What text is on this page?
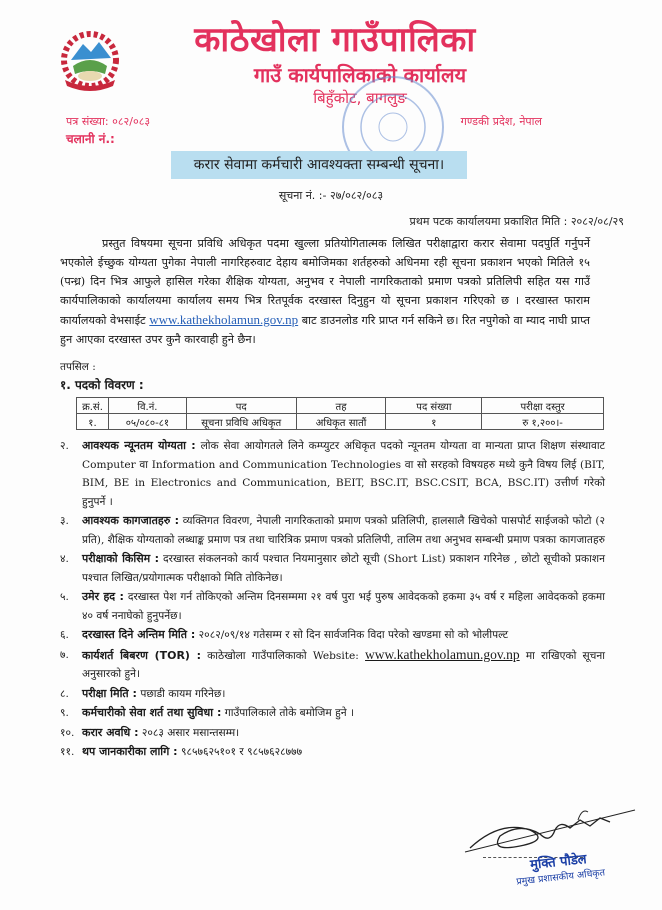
काठेखोला गाउँपालिका
गाउँ कार्यपालिकाको कार्यालय
बिहुँकोट, बागलुङ
पत्र संख्या: ०८२/०८३	गण्डकी प्रदेश, नेपाल
चलानी नं.:
करार सेवामा कर्मचारी आवश्यक्ता सम्बन्धी सूचना।
सूचना नं. :- २७/०८२/०८३
प्रथम पटक कार्यालयमा प्रकाशित मिति : २०८२/०८/२९

प्रस्तुत विषयमा सूचना प्रविधि अधिकृत पदमा खुल्ला प्रतियोगितात्मक लिखित परीक्षाद्वारा करार सेवामा पदपुर्ति गर्नुपर्ने भएकोले ईच्छुक योग्यता पुगेका नेपाली नागरिहरुवाट देहाय बमोजिमका शर्तहरुको अधिनमा रही सूचना प्रकाशन भएको मितिले १५ (पन्ध्र) दिन भित्र आफुले हासिल गरेका शैक्षिक योग्यता, अनुभव र नेपाली नागरिकताको प्रमाण पत्रको प्रतिलिपी सहित यस गाउँ कार्यपालिकाको कार्यालयमा कार्यालय समय भित्र रितपूर्वक दरखास्त दिनुहुन यो सूचना प्रकाशन गरिएको छ । दरखास्त फाराम कार्यालयको वेभसाईट www.kathekholamun.gov.np बाट डाउनलोड गरि प्राप्त गर्न सकिने छ। रित नपुगेको वा म्याद नाघी प्राप्त हुन आएका दरखास्त उपर कुनै कारवाही हुने छैन।

तपसिल :
१. पदको विवरण :
क्र.सं.	वि.नं.	पद	तह	पद संख्या	परीक्षा दस्तुर
१.	०५/०८०-८१	सूचना प्रविधि अधिकृत	अधिकृत सातौं	१	रु १,२००।-
२.	आवश्यक न्यूनतम योग्यता : लोक सेवा आयोगतले लिने कम्प्युटर अधिकृत पदको न्यूनतम योग्यता वा मान्यता प्राप्त शिक्षण संस्थावाट Computer वा Information and Communication Technologies वा सो सरहको विषयहरु मध्ये कुनै विषय लिई (BIT, BIM, BE in Electronics and Communication, BEIT, BSC.IT, BSC.CSIT, BCA, BSC.IT) उत्तीर्ण गरेको हुनुपर्ने ।
३.	आवश्यक कागजातहरु : व्यक्तिगत विवरण, नेपाली नागरिकताको प्रमाण पत्रको प्रतिलिपी, हालसालै खिचेको पासपोर्ट साईजको फोटो (२ प्रति), शैक्षिक योग्यताको लब्धाङ्क प्रमाण पत्र तथा चारित्रिक प्रमाण पत्रको प्रतिलिपी, तालिम तथा अनुभव सम्बन्धी प्रमाण पत्रका कागजातहरु
४.	परीक्षाको किसिम : दरखास्त संकलनको कार्य पश्चात नियमानुसार छोटो सूची (Short List) प्रकाशन गरिनेछ , छोटो सूचीको प्रकाशन पश्चात लिखित/प्रयोगात्मक परीक्षाको मिति तोकिनेछ।
५.	उमेर हद : दरखास्त पेश गर्न तोकिएको अन्तिम दिनसम्ममा २१ वर्ष पुरा भई पुरुष आवेदकको हकमा ३५ वर्ष र महिला आवेदकको हकमा ४० वर्ष ननाघेको हुनुपर्नेछ।
६.	दरखास्त दिने अन्तिम मिति : २०८२/०९/१४ गतेसम्म र सो दिन सार्वजनिक विदा परेको खण्डमा सो को भोलीपल्ट
७.	कार्यशर्त बिबरण (TOR) : काठेखोला गाउँपालिकाको Website: www.kathekholamun.gov.np मा राखिएको सूचना अनुसारको हुने।
८.	परीक्षा मिति : पछाडी कायम गरिनेछ।
९.	कर्मचारीको सेवा शर्त तथा सुविधा : गाउँपालिकाले तोके बमोजिम हुने ।
१०. करार अवधि : २०८३ असार मसान्तसम्म।
११. थप जानकारीका लागि : ९८५७६२५१०१ र ९८५७६२८७७७
मुक्ति पौडेल
प्रमुख प्रशासकीय अधिकृत
